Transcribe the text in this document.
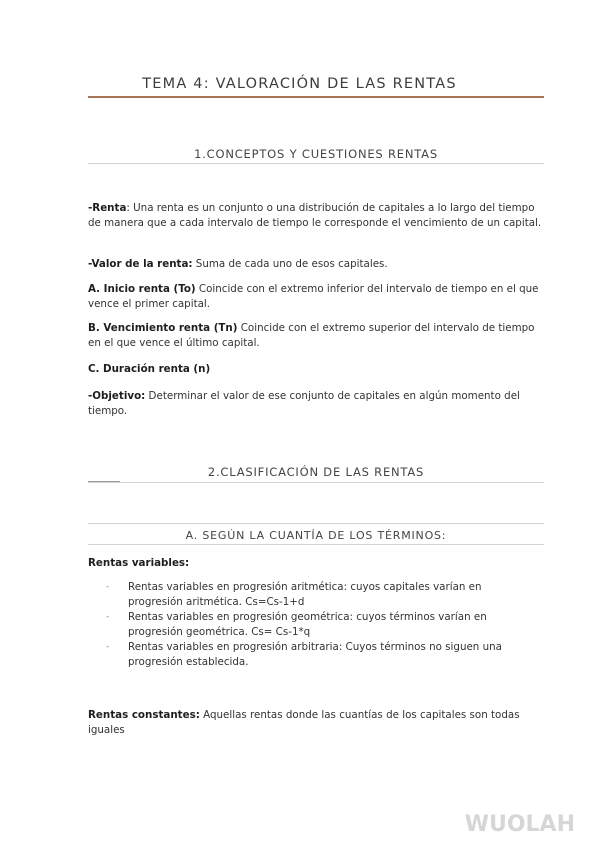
TEMA 4: VALORACIÓN DE LAS RENTAS
1.CONCEPTOS Y CUESTIONES RENTAS
-Renta: Una renta es un conjunto o una distribución de capitales a lo largo del tiempo de manera que a cada intervalo de tiempo le corresponde el vencimiento de un capital.
-Valor de la renta: Suma de cada uno de esos capitales.
A. Inicio renta (To) Coincide con el extremo inferior del intervalo de tiempo en el que vence el primer capital.
B. Vencimiento renta (Tn) Coincide con el extremo superior del intervalo de tiempo en el que vence el último capital.
C. Duración renta (n)
-Objetivo: Determinar el valor de ese conjunto de capitales en algún momento del tiempo.
2.CLASIFICACIÓN DE LAS RENTAS
A. SEGÚN LA CUANTÍA DE LOS TÉRMINOS:
Rentas variables:
- Rentas variables en progresión aritmética: cuyos capitales varían en progresión aritmética. Cs=Cs-1+d
- Rentas variables en progresión geométrica: cuyos términos varían en progresión geométrica. Cs= Cs-1*q
- Rentas variables en progresión arbitraria: Cuyos términos no siguen una progresión establecida.
Rentas constantes: Aquellas rentas donde las cuantías de los capitales son todas iguales
WUOLAH
